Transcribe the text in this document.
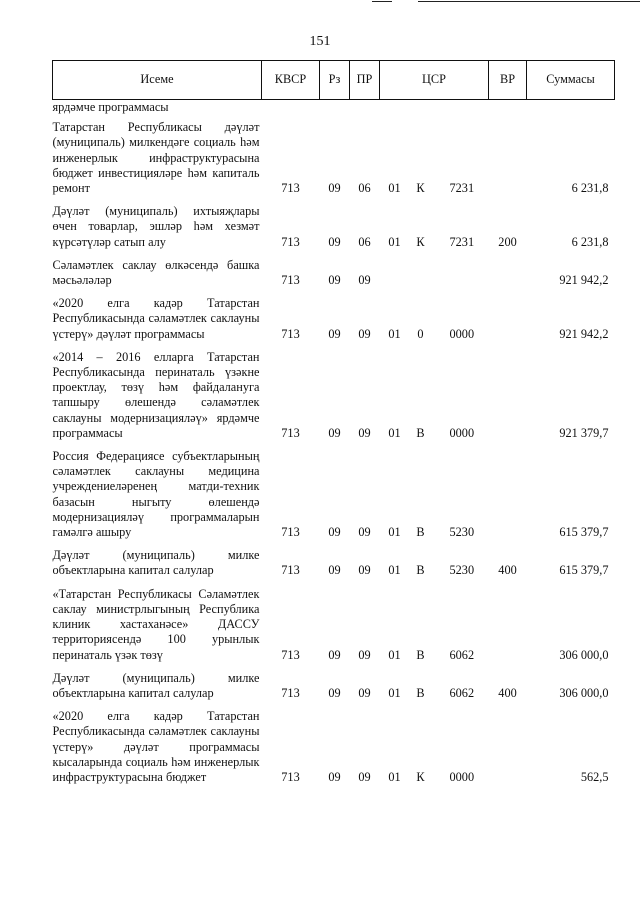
151
Исеме	КВСР	Рз	ПР	ЦСР			ВР	Суммасы
ярдәмче программасы								
Татарстан Республикасы дәүләт (муниципаль) милкендәге социаль һәм инженерлык инфраструктурасына бюджет инвестицияләре һәм капиталь ремонт	713	09	06	01	К	7231		6 231,8
Дәүләт (муниципаль) ихтыяҗлары өчен товарлар, эшләр һәм хезмәт күрсәтүләр сатып алу	713	09	06	01	К	7231	200	6 231,8
Сәламәтлек саклау өлкәсендә башка мәсьәләләр	713	09	09					921 942,2
«2020 елга кадәр Татарстан Республикасында сәламәтлек саклауны үстерү» дәүләт программасы	713	09	09	01	0	0000		921 942,2
«2014 – 2016 елларга Татарстан Республикасында перинаталь үзәкне проектлау, төзү һәм файдалануга тапшыру өлешендә сәламәтлек саклауны модернизацияләү» ярдәмче программасы	713	09	09	01	В	0000		921 379,7
Россия Федерациясе субъектларының сәламәтлек саклауны медицина учреждениеләренең матди-техник базасын ныгыту өлешендә модернизацияләү программаларын гамәлгә ашыру	713	09	09	01	В	5230		615 379,7
Дәүләт (муниципаль) милке объектларына капитал салулар	713	09	09	01	В	5230	400	615 379,7
«Татарстан Республикасы Сәламәтлек саклау министрлыгының Республика клиник хастаханәсе» ДАССУ территориясендә 100 урынлык перинаталь үзәк төзү	713	09	09	01	В	6062		306 000,0
Дәүләт (муниципаль) милке объектларына капитал салулар	713	09	09	01	В	6062	400	306 000,0
«2020 елга кадәр Татарстан Республикасында сәламәтлек саклауны үстерү» дәүләт программасы кысаларында социаль һәм инженерлык инфраструктурасына бюджет	713	09	09	01	К	0000		562,5
